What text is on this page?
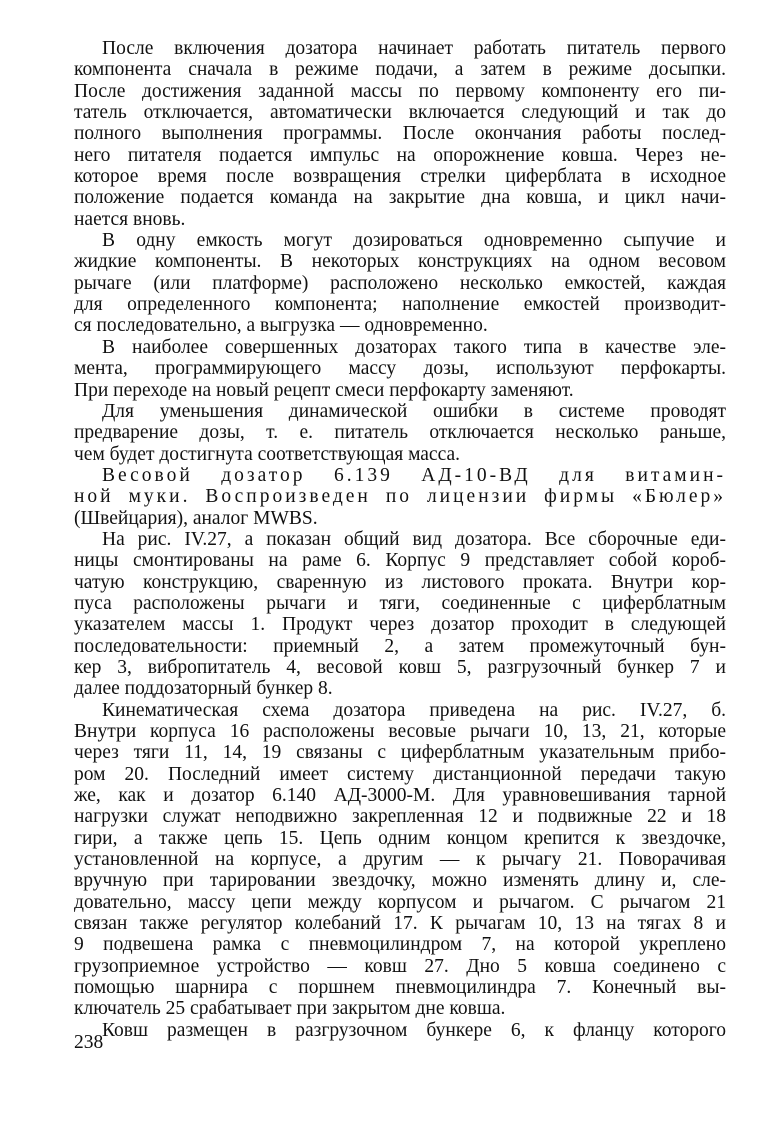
После включения дозатора начинает работать питатель первого
компонента сначала в режиме подачи, а затем в режиме досыпки.
После достижения заданной массы по первому компоненту его пи-
татель отключается, автоматически включается следующий и так до
полного выполнения программы. После окончания работы послед-
него питателя подается импульс на опорожнение ковша. Через не-
которое время после возвращения стрелки циферблата в исходное
положение подается команда на закрытие дна ковша, и цикл начи-
нается вновь.
В одну емкость могут дозироваться одновременно сыпучие и
жидкие компоненты. В некоторых конструкциях на одном весовом
рычаге (или платформе) расположено несколько емкостей, каждая
для определенного компонента; наполнение емкостей производит-
ся последовательно, а выгрузка — одновременно.
В наиболее совершенных дозаторах такого типа в качестве эле-
мента, программирующего массу дозы, используют перфокарты.
При переходе на новый рецепт смеси перфокарту заменяют.
Для уменьшения динамической ошибки в системе проводят
предварение дозы, т. е. питатель отключается несколько раньше,
чем будет достигнута соответствующая масса.
Весовой дозатор 6.139 АД-10-ВД для витамин-
ной муки. Воспроизведен по лицензии фирмы «Бюлер»
(Швейцария), аналог MWBS.
На рис. IV.27, а показан общий вид дозатора. Все сборочные еди-
ницы смонтированы на раме 6. Корпус 9 представляет собой короб-
чатую конструкцию, сваренную из листового проката. Внутри кор-
пуса расположены рычаги и тяги, соединенные с циферблатным
указателем массы 1. Продукт через дозатор проходит в следующей
последовательности: приемный 2, а затем промежуточный бун-
кер 3, вибропитатель 4, весовой ковш 5, разгрузочный бункер 7 и
далее поддозаторный бункер 8.
Кинематическая схема дозатора приведена на рис. IV.27, б.
Внутри корпуса 16 расположены весовые рычаги 10, 13, 21, которые
через тяги 11, 14, 19 связаны с циферблатным указательным прибо-
ром 20. Последний имеет систему дистанционной передачи такую
же, как и дозатор 6.140 АД-3000-М. Для уравновешивания тарной
нагрузки служат неподвижно закрепленная 12 и подвижные 22 и 18
гири, а также цепь 15. Цепь одним концом крепится к звездочке,
установленной на корпусе, а другим — к рычагу 21. Поворачивая
вручную при тарировании звездочку, можно изменять длину и, сле-
довательно, массу цепи между корпусом и рычагом. С рычагом 21
связан также регулятор колебаний 17. К рычагам 10, 13 на тягах 8 и
9 подвешена рамка с пневмоцилиндром 7, на которой укреплено
грузоприемное устройство — ковш 27. Дно 5 ковша соединено с
помощью шарнира с поршнем пневмоцилиндра 7. Конечный вы-
ключатель 25 срабатывает при закрытом дне ковша.
Ковш размещен в разгрузочном бункере 6, к фланцу которого
238
